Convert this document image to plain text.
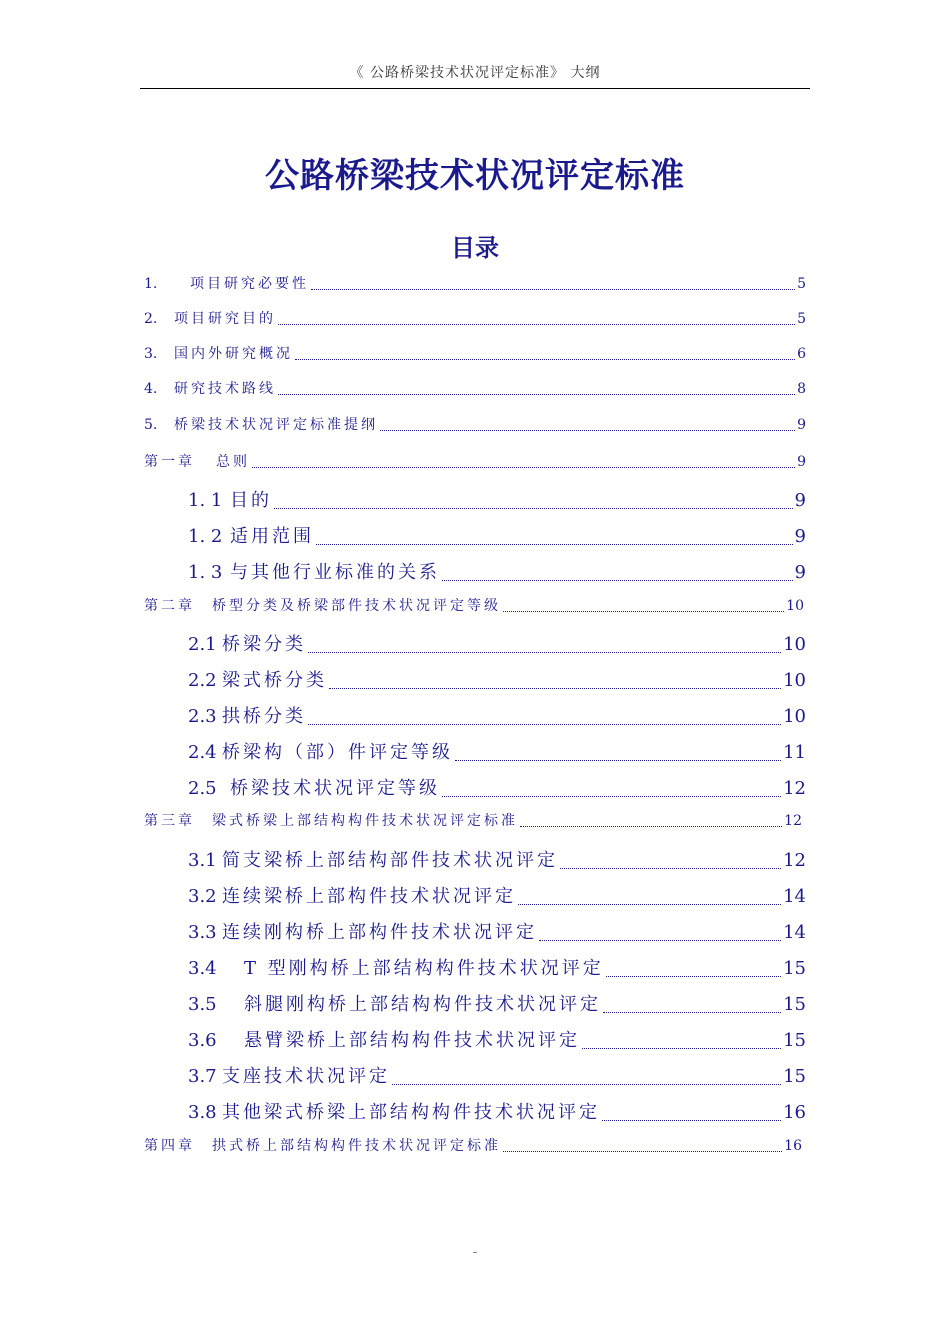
《 公路桥梁技术状况评定标准》 大纲
公路桥梁技术状况评定标准
目录
1.	项目研究必要性	5
2.	项目研究目的	5
3.	国内外研究概况	6
4.	研究技术路线	8
5.	桥梁技术状况评定标准提纲	9
第一章	总则	9
1. 1 目的	9
1. 2 适用范围	9
1. 3 与其他行业标准的关系	9
第二章	桥型分类及桥梁部件技术状况评定等级	10
2.1 桥梁分类	10
2.2 梁式桥分类	10
2.3 拱桥分类	10
2.4 桥梁构（部）件评定等级	11
2.5 桥梁技术状况评定等级	12
第三章	梁式桥梁上部结构构件技术状况评定标准	12
3.1 简支梁桥上部结构部件技术状况评定	12
3.2 连续梁桥上部构件技术状况评定	14
3.3 连续刚构桥上部构件技术状况评定	14
3.4	T 型刚构桥上部结构构件技术状况评定	15
3.5	斜腿刚构桥上部结构构件技术状况评定	15
3.6	悬臂梁桥上部结构构件技术状况评定	15
3.7 支座技术状况评定	15
3.8 其他梁式桥梁上部结构构件技术状况评定	16
第四章	拱式桥上部结构构件技术状况评定标准	16
